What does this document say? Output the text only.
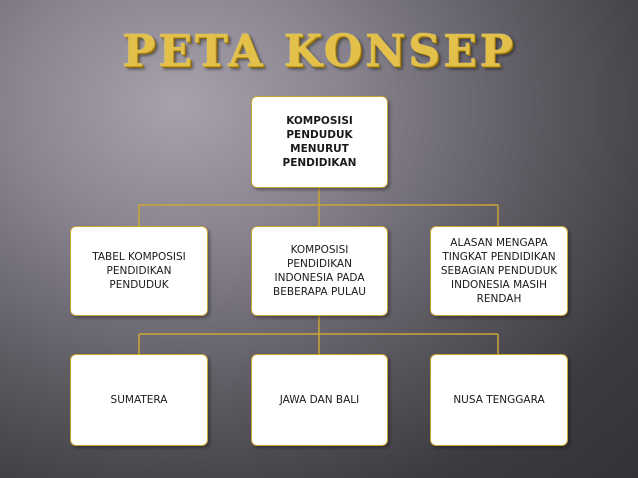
PETA KONSEP
KOMPOSISI PENDUDUK MENURUT PENDIDIKAN
TABEL KOMPOSISI PENDIDIKAN PENDUDUK
KOMPOSISI PENDIDIKAN INDONESIA PADA BEBERAPA PULAU
ALASAN MENGAPA TINGKAT PENDIDIKAN SEBAGIAN PENDUDUK INDONESIA MASIH RENDAH
SUMATERA	JAWA DAN BALI	NUSA TENGGARA
